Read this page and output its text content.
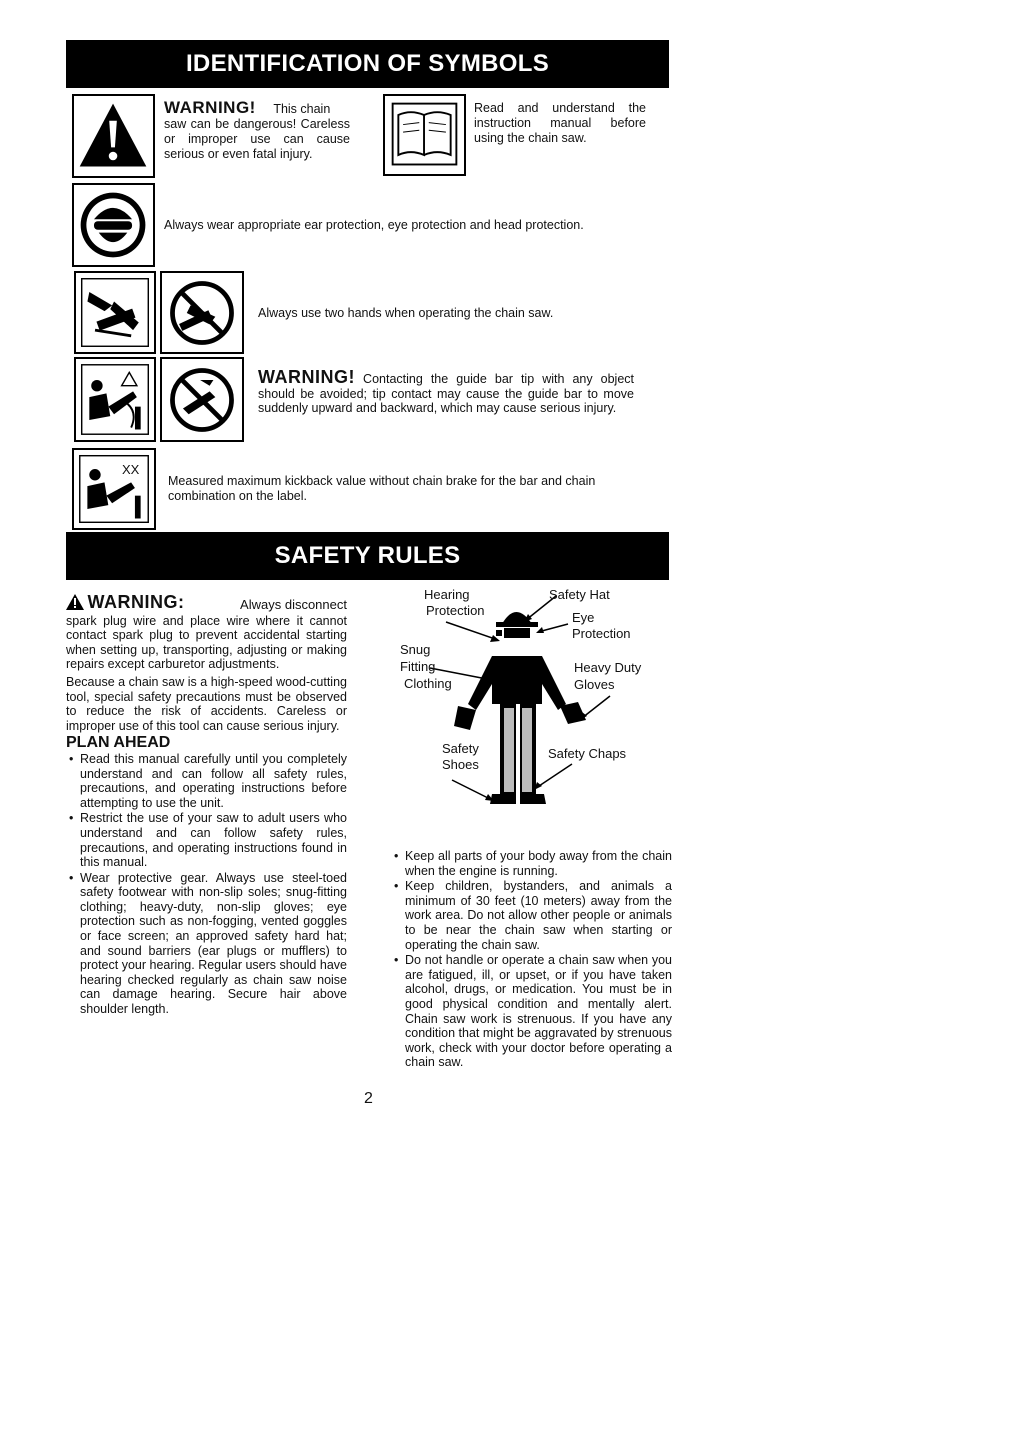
IDENTIFICATION OF SYMBOLS
WARNING! This chain
saw can be dangerous! Careless or improper use can cause serious or even fatal injury.
Read and understand the instruction manual before using the chain saw.
Always wear appropriate ear protection, eye protection and head protection.
Always use two hands when operating the chain saw.
WARNING! Contacting the guide bar tip with any object should be avoided; tip contact may cause the guide bar to move suddenly upward and backward, which may cause serious injury.
XX
Measured maximum kickback value without chain brake for the bar and chain combination on the label.
SAFETY RULES
WARNING:	Always disconnect

spark plug wire and place wire where it cannot contact spark plug to prevent accidental starting when setting up, transporting, adjusting or making repairs except carburetor adjustments.

Because a chain saw is a high-speed wood-cutting tool, special safety precautions must be observed to reduce the risk of accidents. Careless or improper use of this tool can cause serious injury.

PLAN AHEAD
• Read this manual carefully until you completely understand and can follow all safety rules, precautions, and operating instructions before attempting to use the unit.
• Restrict the use of your saw to adult users who understand and can follow safety rules, precautions, and operating instructions found in this manual.
• Wear protective gear. Always use steel-toed safety footwear with non-slip soles; snug-fitting clothing; heavy-duty, non-slip gloves; eye protection such as non-fogging, vented goggles or face screen; an approved safety hard hat; and sound barriers (ear plugs or mufflers) to protect your hearing. Regular users should have hearing checked regularly as chain saw noise can damage hearing. Secure hair above shoulder length.
Hearing
Protection
Safety Hat
Eye
Protection
Snug
Fitting
Clothing
Heavy Duty
Gloves
Safety
Shoes
Safety Chaps
• Keep all parts of your body away from the chain when the engine is running.
• Keep children, bystanders, and animals a minimum of 30 feet (10 meters) away from the work area. Do not allow other people or animals to be near the chain saw when starting or operating the chain saw.
• Do not handle or operate a chain saw when you are fatigued, ill, or upset, or if you have taken alcohol, drugs, or medication. You must be in good physical condition and mentally alert. Chain saw work is strenuous. If you have any condition that might be aggravated by strenuous work, check with your doctor before operating a chain saw.
2
